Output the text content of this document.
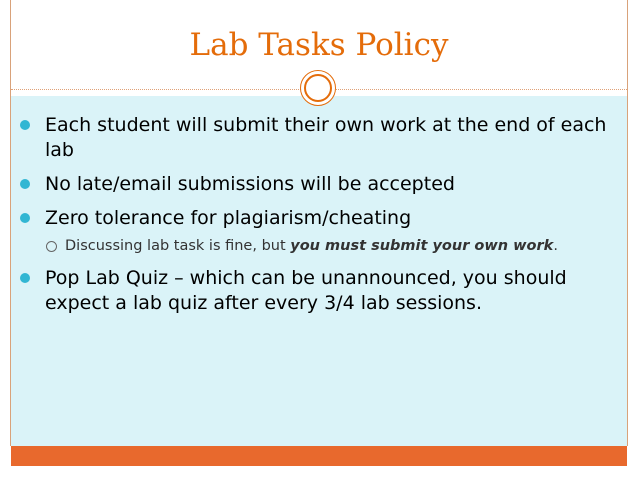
Lab Tasks Policy

Each student will submit their own work at the end of each lab

No late/email submissions will be accepted

Zero tolerance for plagiarism/cheating

Discussing lab task is fine, but you must submit your own work.

Pop Lab Quiz – which can be unannounced, you should expect a lab quiz after every 3/4 lab sessions.
